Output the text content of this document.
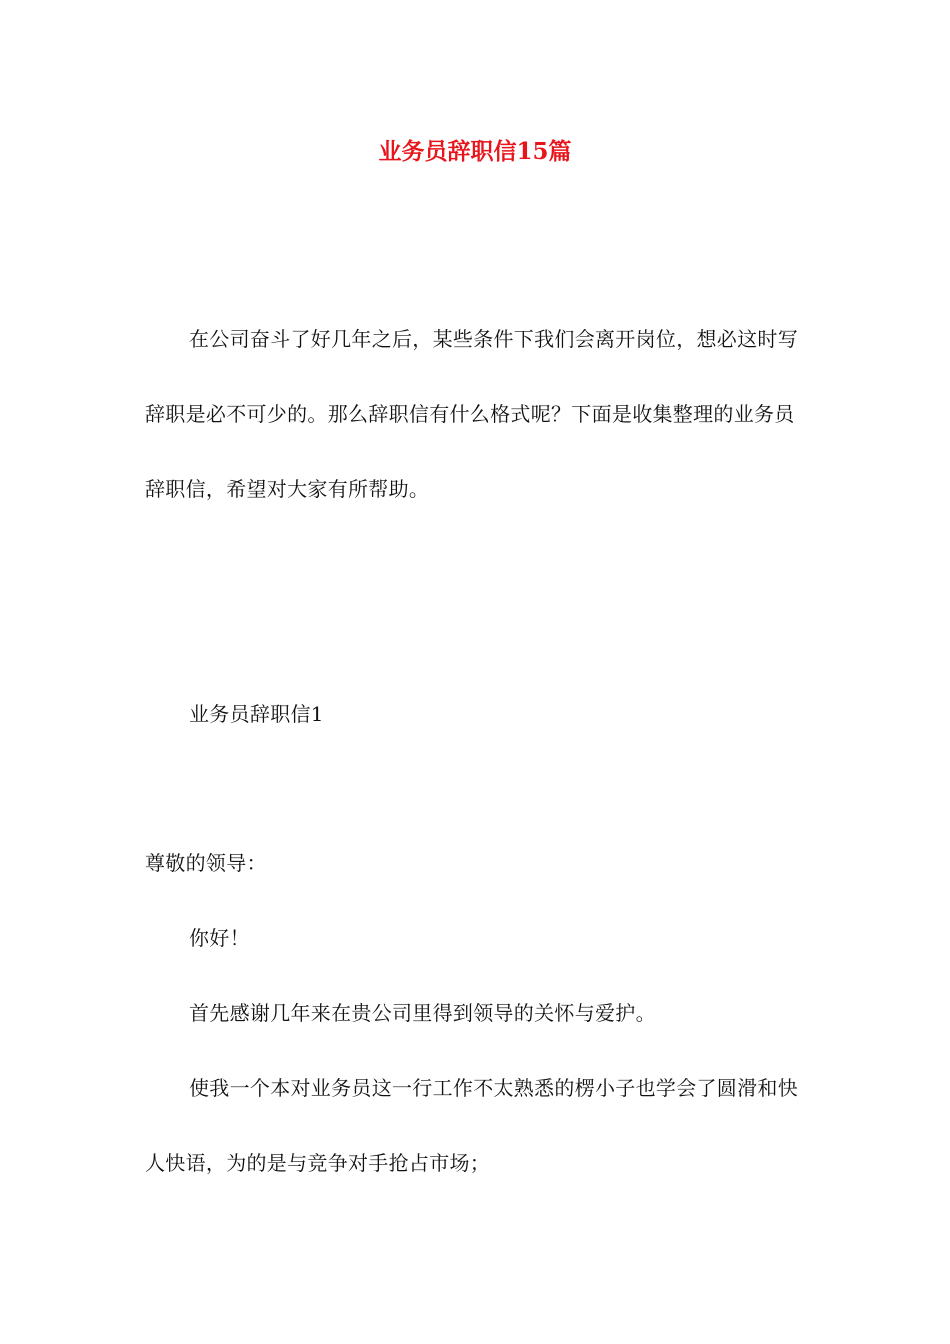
业务员辞职信15篇

在公司奋斗了好几年之后，某些条件下我们会离开岗位，想必这时写辞职是必不可少的。那么辞职信有什么格式呢？下面是收集整理的业务员辞职信，希望对大家有所帮助。

业务员辞职信1

尊敬的领导：

你好！

首先感谢几年来在贵公司里得到领导的关怀与爱护。

使我一个本对业务员这一行工作不太熟悉的楞小子也学会了圆滑和快人快语，为的是与竞争对手抢占市场；
